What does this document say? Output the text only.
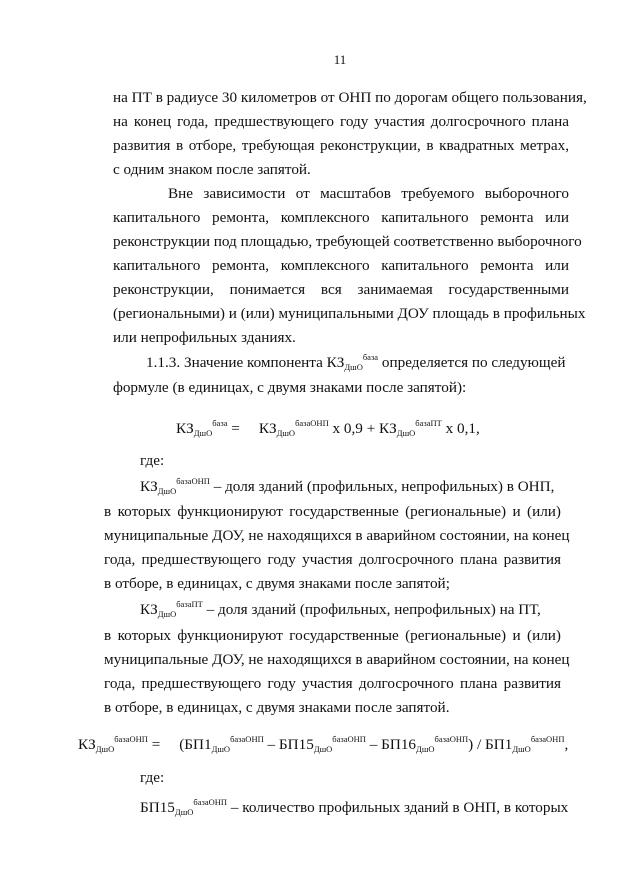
11
на ПТ в радиусе 30 километров от ОНП по дорогам общего пользования,
на конец года, предшествующего году участия долгосрочного плана
развития в отборе, требующая реконструкции, в квадратных метрах,
с одним знаком после запятой.
Вне зависимости от масштабов требуемого выборочного
капитального ремонта, комплексного капитального ремонта или
реконструкции под площадью, требующей соответственно выборочного
капитального ремонта, комплексного капитального ремонта или
реконструкции, понимается вся занимаемая государственными
(региональными) и (или) муниципальными ДОУ площадь в профильных
или непрофильных зданиях.
1.1.3. Значение компонента $КЗ_{ДшО}^{база}$ определяется по следующей
формуле (в единицах, с двумя знаками после запятой):
$КЗ_{ДшО}^{база}$ =     $КЗ_{ДшО}^{базаОНП}$ х $0,9 + КЗ_{ДшО}^{базаПТ}$ х 0,1,
где:
$КЗ_{ДшО}^{базаОНП}$ – доля зданий (профильных, непрофильных) в ОНП,
в которых функционируют государственные (региональные) и (или)
муниципальные ДОУ, не находящихся в аварийном состоянии, на конец
года, предшествующего году участия долгосрочного плана развития
в отборе, в единицах, с двумя знаками после запятой;
$КЗ_{ДшО}^{базаПТ}$ – доля зданий (профильных, непрофильных) на ПТ,
в которых функционируют государственные (региональные) и (или)
муниципальные ДОУ, не находящихся в аварийном состоянии, на конец
года, предшествующего году участия долгосрочного плана развития
в отборе, в единицах, с двумя знаками после запятой.
$КЗ_{ДшО}^{базаОНП}$ =     $(БП1_{ДшО}^{базаОНП} - БП15_{ДшО}^{базаОНП} - БП16_{ДшО}^{базаОНП}) / БП1_{ДшО}^{базаОНП}$,
где:
$БП15_{ДшО}^{базаОНП}$ – количество профильных зданий в ОНП, в которых
